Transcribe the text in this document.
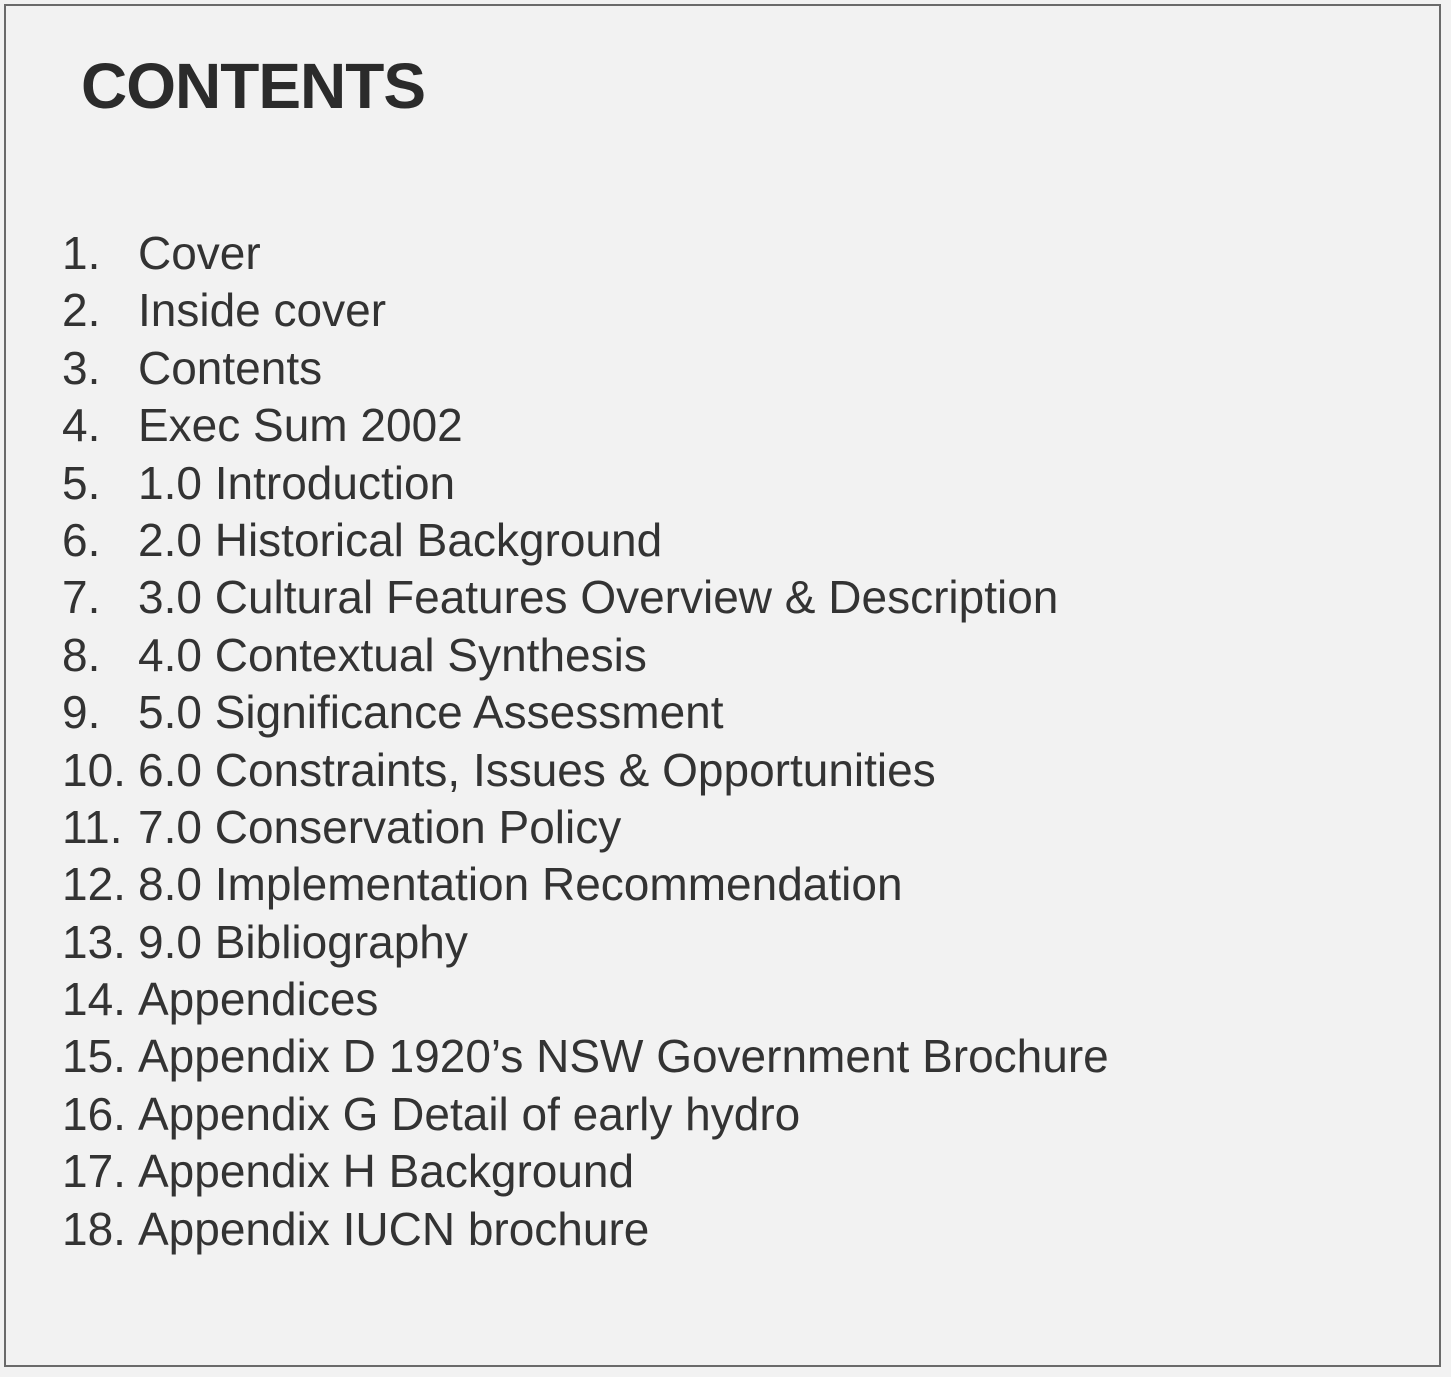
CONTENTS
1. Cover
2. Inside cover
3. Contents
4. Exec Sum 2002
5. 1.0 Introduction
6. 2.0 Historical Background
7. 3.0 Cultural Features Overview & Description
8. 4.0 Contextual Synthesis
9. 5.0 Significance Assessment
10. 6.0 Constraints, Issues & Opportunities
11. 7.0 Conservation Policy
12. 8.0 Implementation Recommendation
13. 9.0 Bibliography
14. Appendices
15. Appendix D 1920’s NSW Government Brochure
16. Appendix G Detail of early hydro
17. Appendix H Background
18. Appendix IUCN brochure
